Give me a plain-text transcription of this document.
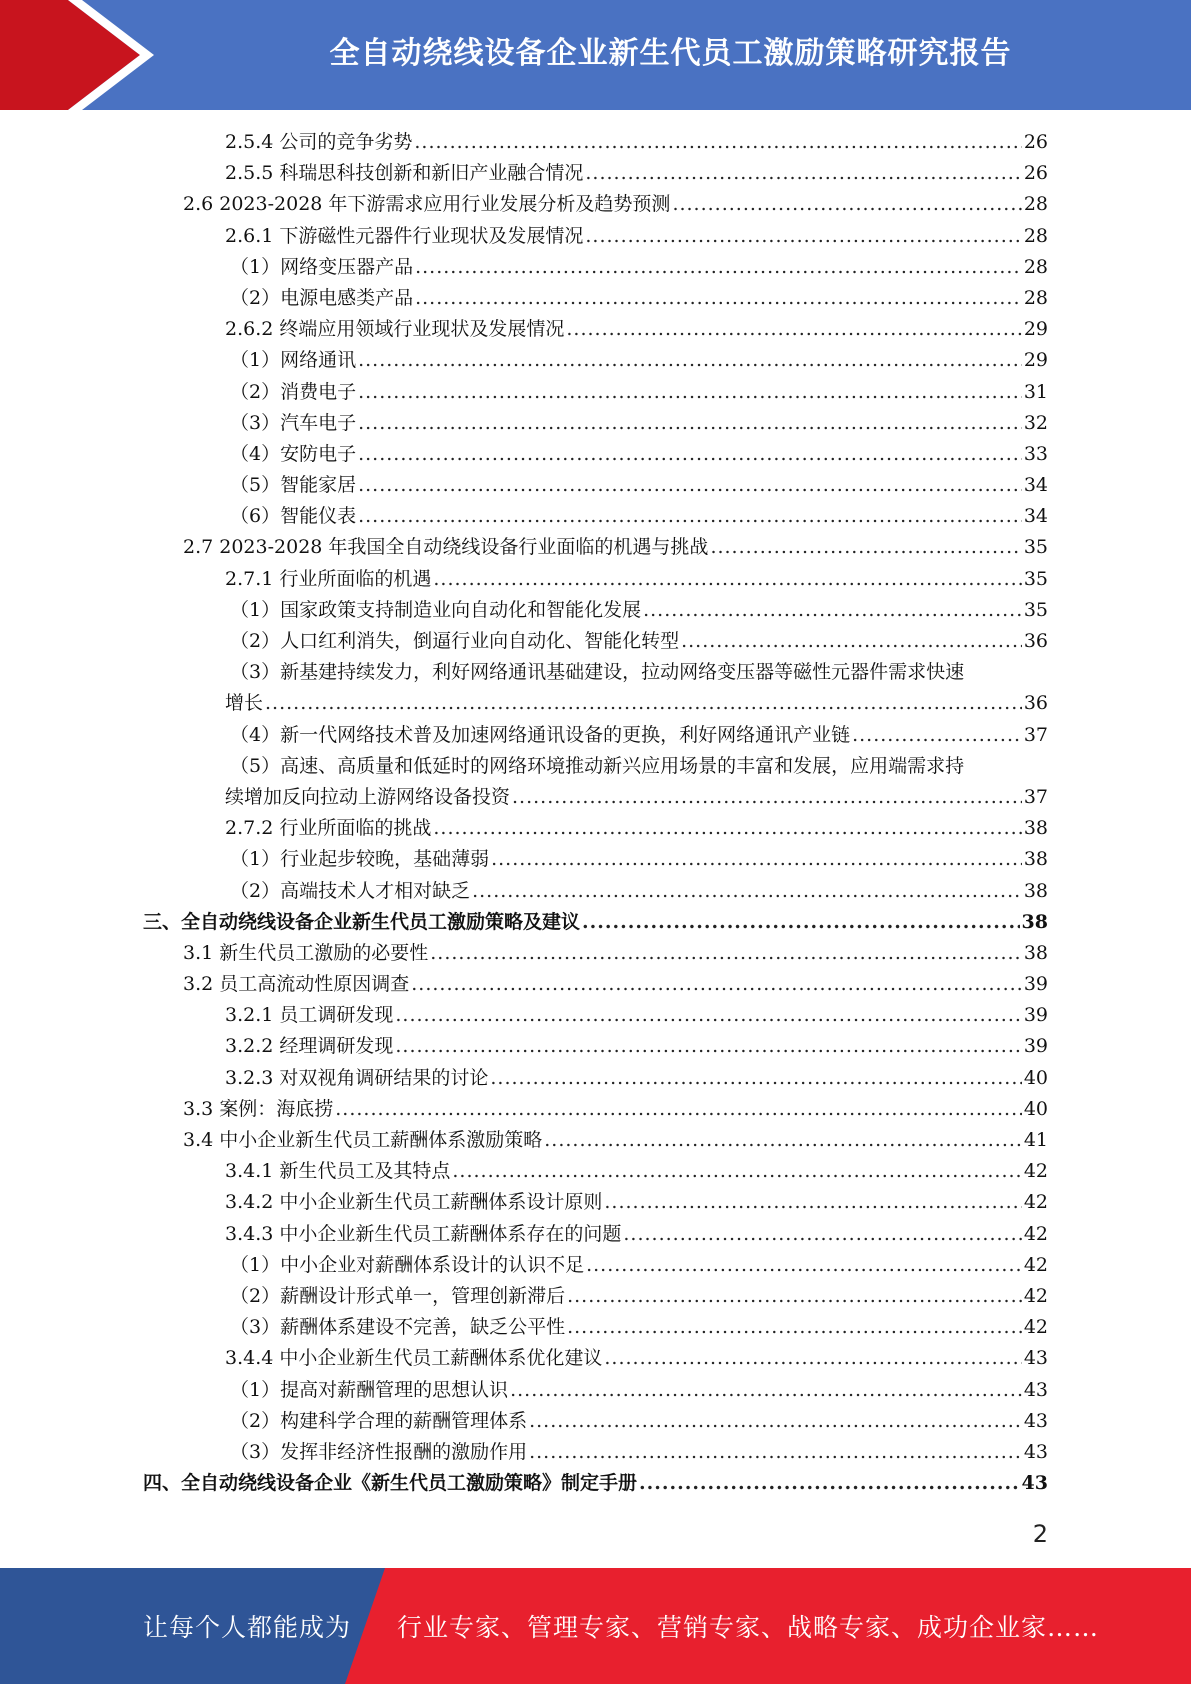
全自动绕线设备企业新生代员工激励策略研究报告
2.5.4 公司的竞争劣势 .....	26
2.5.5 科瑞思科技创新和新旧产业融合情况 .....	26
2.6 2023-2028 年下游需求应用行业发展分析及趋势预测 .....	28
2.6.1 下游磁性元器件行业现状及发展情况 .....	28
（1）网络变压器产品 .....	28
（2）电源电感类产品 .....	28
2.6.2 终端应用领域行业现状及发展情况 .....	29
（1）网络通讯 .....	29
（2）消费电子 .....	31
（3）汽车电子 .....	32
（4）安防电子 .....	33
（5）智能家居 .....	34
（6）智能仪表 .....	34
2.7 2023-2028 年我国全自动绕线设备行业面临的机遇与挑战 .....	35
2.7.1 行业所面临的机遇 .....	35
（1）国家政策支持制造业向自动化和智能化发展 .....	35
（2）人口红利消失，倒逼行业向自动化、智能化转型 .....	36
（3）新基建持续发力，利好网络通讯基础建设，拉动网络变压器等磁性元器件需求快速
增长 .....	36
（4）新一代网络技术普及加速网络通讯设备的更换，利好网络通讯产业链 .....	37
（5）高速、高质量和低延时的网络环境推动新兴应用场景的丰富和发展，应用端需求持
续增加反向拉动上游网络设备投资 .....	37
2.7.2 行业所面临的挑战 .....	38
（1）行业起步较晚，基础薄弱 .....	38
（2）高端技术人才相对缺乏 .....	38
三、全自动绕线设备企业新生代员工激励策略及建议 .....	38
3.1 新生代员工激励的必要性 .....	38
3.2 员工高流动性原因调查 .....	39
3.2.1 员工调研发现 .....	39
3.2.2 经理调研发现 .....	39
3.2.3 对双视角调研结果的讨论 .....	40
3.3 案例：海底捞 .....	40
3.4 中小企业新生代员工薪酬体系激励策略 .....	41
3.4.1 新生代员工及其特点 .....	42
3.4.2 中小企业新生代员工薪酬体系设计原则 .....	42
3.4.3 中小企业新生代员工薪酬体系存在的问题 .....	42
（1）中小企业对薪酬体系设计的认识不足 .....	42
（2）薪酬设计形式单一，管理创新滞后 .....	42
（3）薪酬体系建设不完善，缺乏公平性 .....	42
3.4.4 中小企业新生代员工薪酬体系优化建议 .....	43
（1）提高对薪酬管理的思想认识 .....	43
（2）构建科学合理的薪酬管理体系 .....	43
（3）发挥非经济性报酬的激励作用 .....	43
四、全自动绕线设备企业《新生代员工激励策略》制定手册 .....	43
2
让每个人都能成为 行业专家、管理专家、营销专家、战略专家、成功企业家……
